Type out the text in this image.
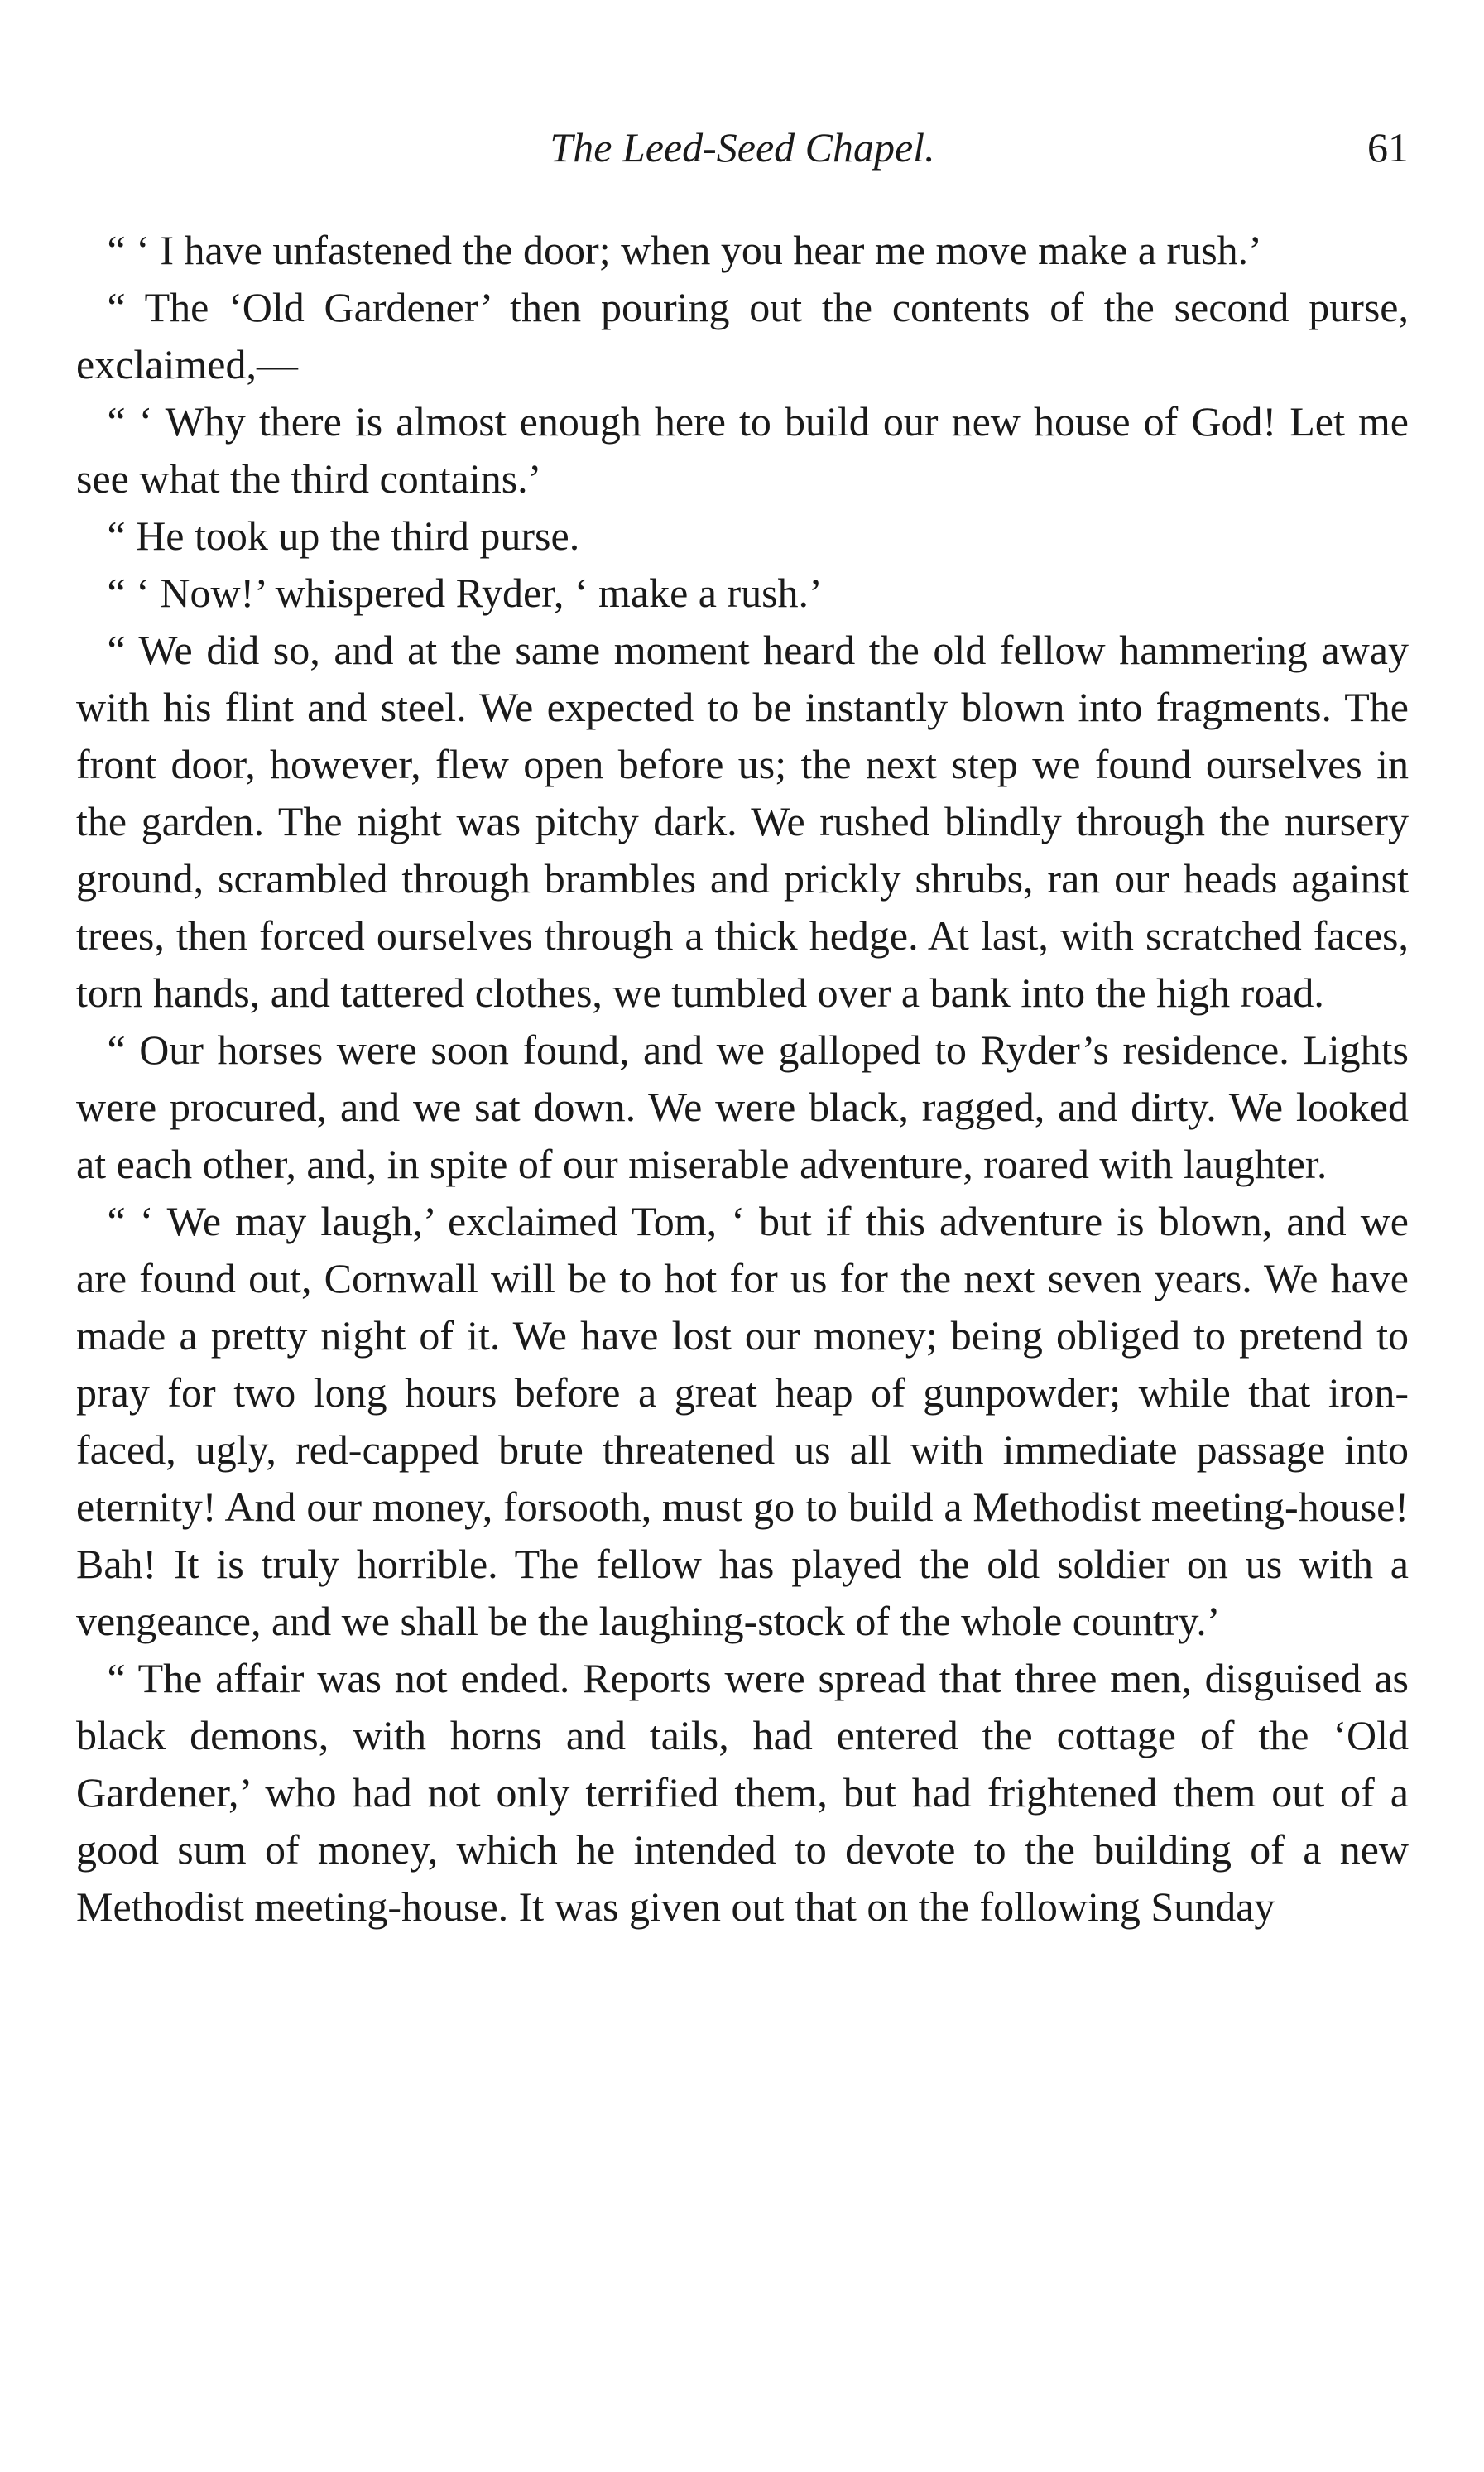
The Leed-Seed Chapel.	61

“ ‘ I have unfastened the door; when you hear me move make a rush.’

“ The ‘Old Gardener’ then pouring out the contents of the second purse, exclaimed,—

“ ‘ Why there is almost enough here to build our new house of God! Let me see what the third contains.’

“ He took up the third purse.

“ ‘ Now!’ whispered Ryder, ‘ make a rush.’

“ We did so, and at the same moment heard the old fellow hammering away with his flint and steel. We expected to be instantly blown into fragments. The front door, however, flew open before us; the next step we found ourselves in the garden. The night was pitchy dark. We rushed blindly through the nursery ground, scrambled through brambles and prickly shrubs, ran our heads against trees, then forced ourselves through a thick hedge. At last, with scratched faces, torn hands, and tattered clothes, we tumbled over a bank into the high road.

“ Our horses were soon found, and we galloped to Ryder’s residence. Lights were procured, and we sat down. We were black, ragged, and dirty. We looked at each other, and, in spite of our miserable adventure, roared with laughter.

“ ‘ We may laugh,’ exclaimed Tom, ‘ but if this adventure is blown, and we are found out, Cornwall will be to hot for us for the next seven years. We have made a pretty night of it. We have lost our money; being obliged to pretend to pray for two long hours before a great heap of gunpowder; while that iron-faced, ugly, red-capped brute threatened us all with immediate passage into eternity! And our money, forsooth, must go to build a Methodist meeting-house! Bah! It is truly horrible. The fellow has played the old soldier on us with a vengeance, and we shall be the laughing-stock of the whole country.’

“ The affair was not ended. Reports were spread that three men, disguised as black demons, with horns and tails, had entered the cottage of the ‘Old Gardener,’ who had not only terrified them, but had frightened them out of a good sum of money, which he intended to devote to the building of a new Methodist meeting-house. It was given out that on the following Sunday
